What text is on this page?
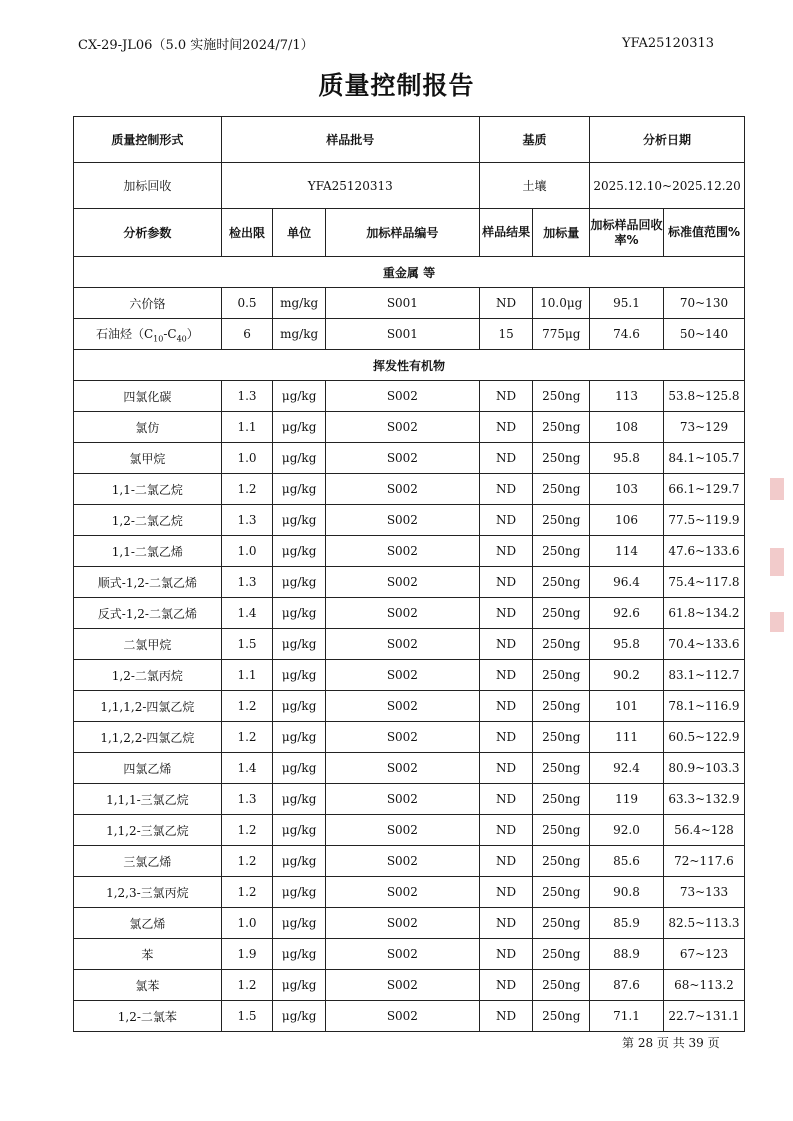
CX-29-JL06（5.0 实施时间2024/7/1）	YFA25120313
质量控制报告
质量控制形式	样品批号			基质		分析日期	
加标回收	YFA25120313			土壤		2025.12.10~2025.12.20	
分析参数	检出限	单位	加标样品编号	样品结果	加标量	加标样品回收率%	标准值范围%
重金属 等							
六价铬	0.5	mg/kg	S001	ND	10.0μg	95.1	70~130
石油烃$(C_{10}-C_{40})$	6	mg/kg	S001	15	775μg	74.6	50~140
挥发性有机物							
四氯化碳	1.3	μg/kg	S002	ND	250ng	113	53.8~125.8
氯仿	1.1	μg/kg	S002	ND	250ng	108	73~129
氯甲烷	1.0	μg/kg	S002	ND	250ng	95.8	84.1~105.7
1,1-二氯乙烷	1.2	μg/kg	S002	ND	250ng	103	66.1~129.7
1,2-二氯乙烷	1.3	μg/kg	S002	ND	250ng	106	77.5~119.9
1,1-二氯乙烯	1.0	μg/kg	S002	ND	250ng	114	47.6~133.6
顺式-1,2-二氯乙烯	1.3	μg/kg	S002	ND	250ng	96.4	75.4~117.8
反式-1,2-二氯乙烯	1.4	μg/kg	S002	ND	250ng	92.6	61.8~134.2
二氯甲烷	1.5	μg/kg	S002	ND	250ng	95.8	70.4~133.6
1,2-二氯丙烷	1.1	μg/kg	S002	ND	250ng	90.2	83.1~112.7
1,1,1,2-四氯乙烷	1.2	μg/kg	S002	ND	250ng	101	78.1~116.9
1,1,2,2-四氯乙烷	1.2	μg/kg	S002	ND	250ng	111	60.5~122.9
四氯乙烯	1.4	μg/kg	S002	ND	250ng	92.4	80.9~103.3
1,1,1-三氯乙烷	1.3	μg/kg	S002	ND	250ng	119	63.3~132.9
1,1,2-三氯乙烷	1.2	μg/kg	S002	ND	250ng	92.0	56.4~128
三氯乙烯	1.2	μg/kg	S002	ND	250ng	85.6	72~117.6
1,2,3-三氯丙烷	1.2	μg/kg	S002	ND	250ng	90.8	73~133
氯乙烯	1.0	μg/kg	S002	ND	250ng	85.9	82.5~113.3
苯	1.9	μg/kg	S002	ND	250ng	88.9	67~123
氯苯	1.2	μg/kg	S002	ND	250ng	87.6	68~113.2
1,2-二氯苯	1.5	μg/kg	S002	ND	250ng	71.1	22.7~131.1
第 28 页 共 39 页
